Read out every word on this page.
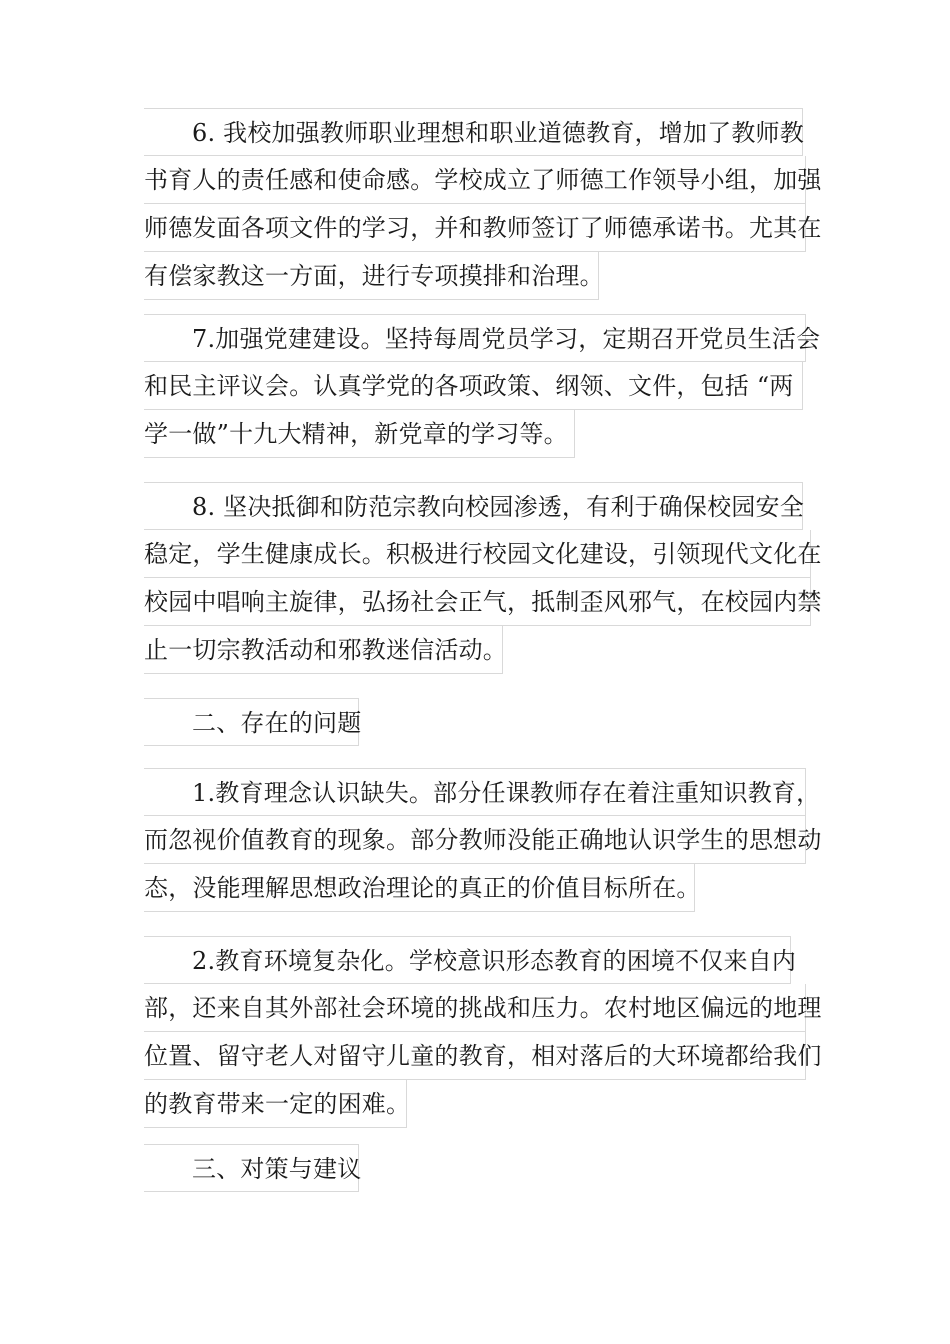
6. 我校加强教师职业理想和职业道德教育，增加了教师教
书育人的责任感和使命感。学校成立了师德工作领导小组，加强
师德发面各项文件的学习，并和教师签订了师德承诺书。尤其在
有偿家教这一方面，进行专项摸排和治理。
7.加强党建建设。坚持每周党员学习，定期召开党员生活会
和民主评议会。认真学党的各项政策、纲领、文件，包括 “两
学一做”十九大精神，新党章的学习等。
8. 坚决抵御和防范宗教向校园渗透，有利于确保校园安全
稳定，学生健康成长。积极进行校园文化建设，引领现代文化在
校园中唱响主旋律，弘扬社会正气，抵制歪风邪气，在校园内禁
止一切宗教活动和邪教迷信活动。
二、存在的问题
1.教育理念认识缺失。部分任课教师存在着注重知识教育，
而忽视价值教育的现象。部分教师没能正确地认识学生的思想动
态，没能理解思想政治理论的真正的价值目标所在。
2.教育环境复杂化。学校意识形态教育的困境不仅来自内
部，还来自其外部社会环境的挑战和压力。农村地区偏远的地理
位置、留守老人对留守儿童的教育，相对落后的大环境都给我们
的教育带来一定的困难。
三、对策与建议
